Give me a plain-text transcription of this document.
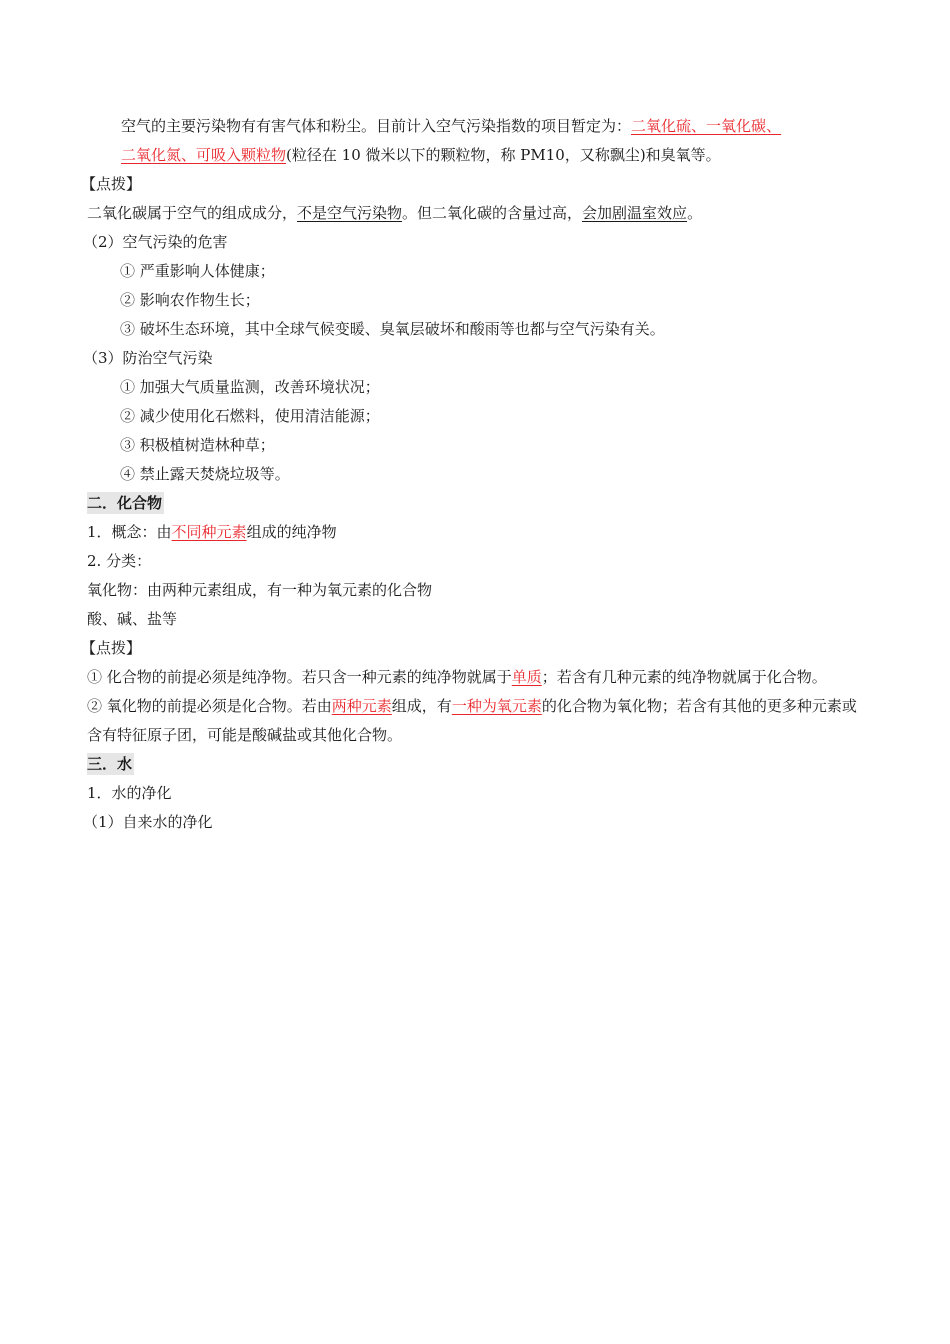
空气的主要污染物有有害气体和粉尘。目前计入空气污染指数的项目暂定为：二氧化硫、一氧化碳、
二氧化氮、可吸入颗粒物(粒径在 10 微米以下的颗粒物，称 PM10，又称飘尘)和臭氧等。
【点拨】
二氧化碳属于空气的组成成分，不是空气污染物。但二氧化碳的含量过高，会加剧温室效应。
（2）空气污染的危害
① 严重影响人体健康；
② 影响农作物生长；
③ 破坏生态环境，其中全球气候变暖、臭氧层破坏和酸雨等也都与空气污染有关。
（3）防治空气污染
① 加强大气质量监测，改善环境状况；
② 减少使用化石燃料，使用清洁能源；
③ 积极植树造林种草；
④ 禁止露天焚烧垃圾等。
二．化合物
1．概念：由不同种元素组成的纯净物
2. 分类：
氧化物：由两种元素组成，有一种为氧元素的化合物
酸、碱、盐等
【点拨】
① 化合物的前提必须是纯净物。若只含一种元素的纯净物就属于单质；若含有几种元素的纯净物就属于化合物。
② 氧化物的前提必须是化合物。若由两种元素组成，有一种为氧元素的化合物为氧化物；若含有其他的更多种元素或含有特征原子团，可能是酸碱盐或其他化合物。
三．水
1．水的净化
（1）自来水的净化
